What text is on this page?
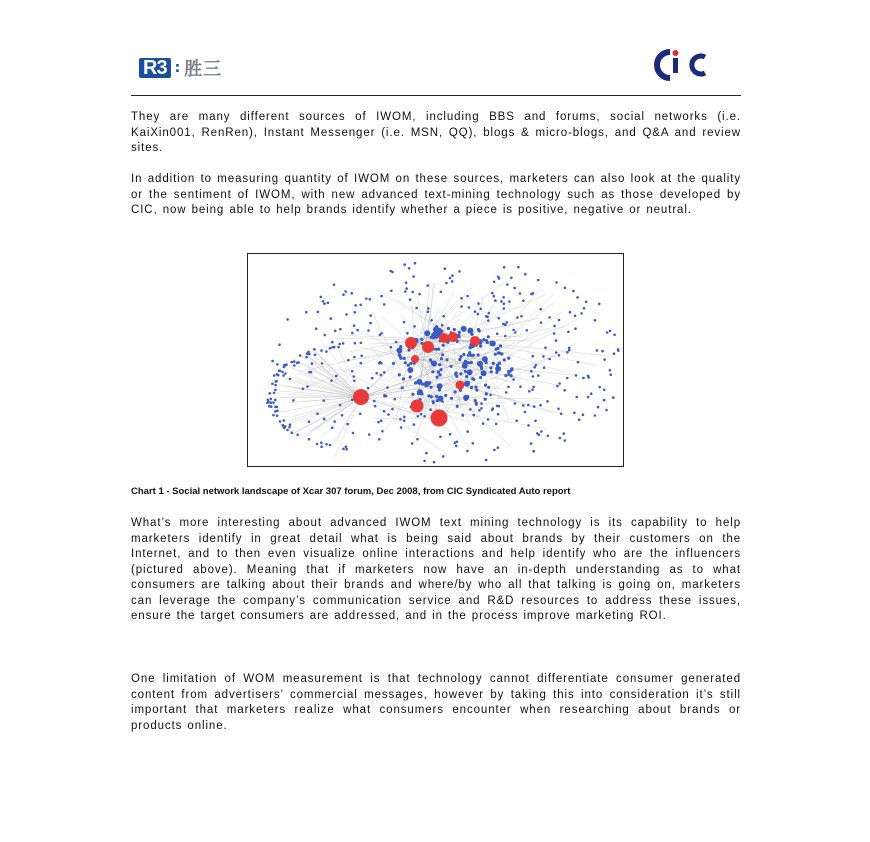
R3 : 胜三

They are many different sources of IWOM, including BBS and forums, social networks (i.e. KaiXin001, RenRen), Instant Messenger (i.e. MSN, QQ), blogs & micro-blogs, and Q&A and review sites.

In addition to measuring quantity of IWOM on these sources, marketers can also look at the quality or the sentiment of IWOM, with new advanced text-mining technology such as those developed by CIC, now being able to help brands identify whether a piece is positive, negative or neutral.

Chart 1 - Social network landscape of Xcar 307 forum, Dec 2008, from CIC Syndicated Auto report

What’s more interesting about advanced IWOM text mining technology is its capability to help marketers identify in great detail what is being said about brands by their customers on the Internet, and to then even visualize online interactions and help identify who are the influencers (pictured above). Meaning that if marketers now have an in-depth understanding as to what consumers are talking about their brands and where/by who all that talking is going on, marketers can leverage the company’s communication service and R&D resources to address these issues, ensure the target consumers are addressed, and in the process improve marketing ROI.

One limitation of WOM measurement is that technology cannot differentiate consumer generated content from advertisers’ commercial messages, however by taking this into consideration it’s still important that marketers realize what consumers encounter when researching about brands or products online.
